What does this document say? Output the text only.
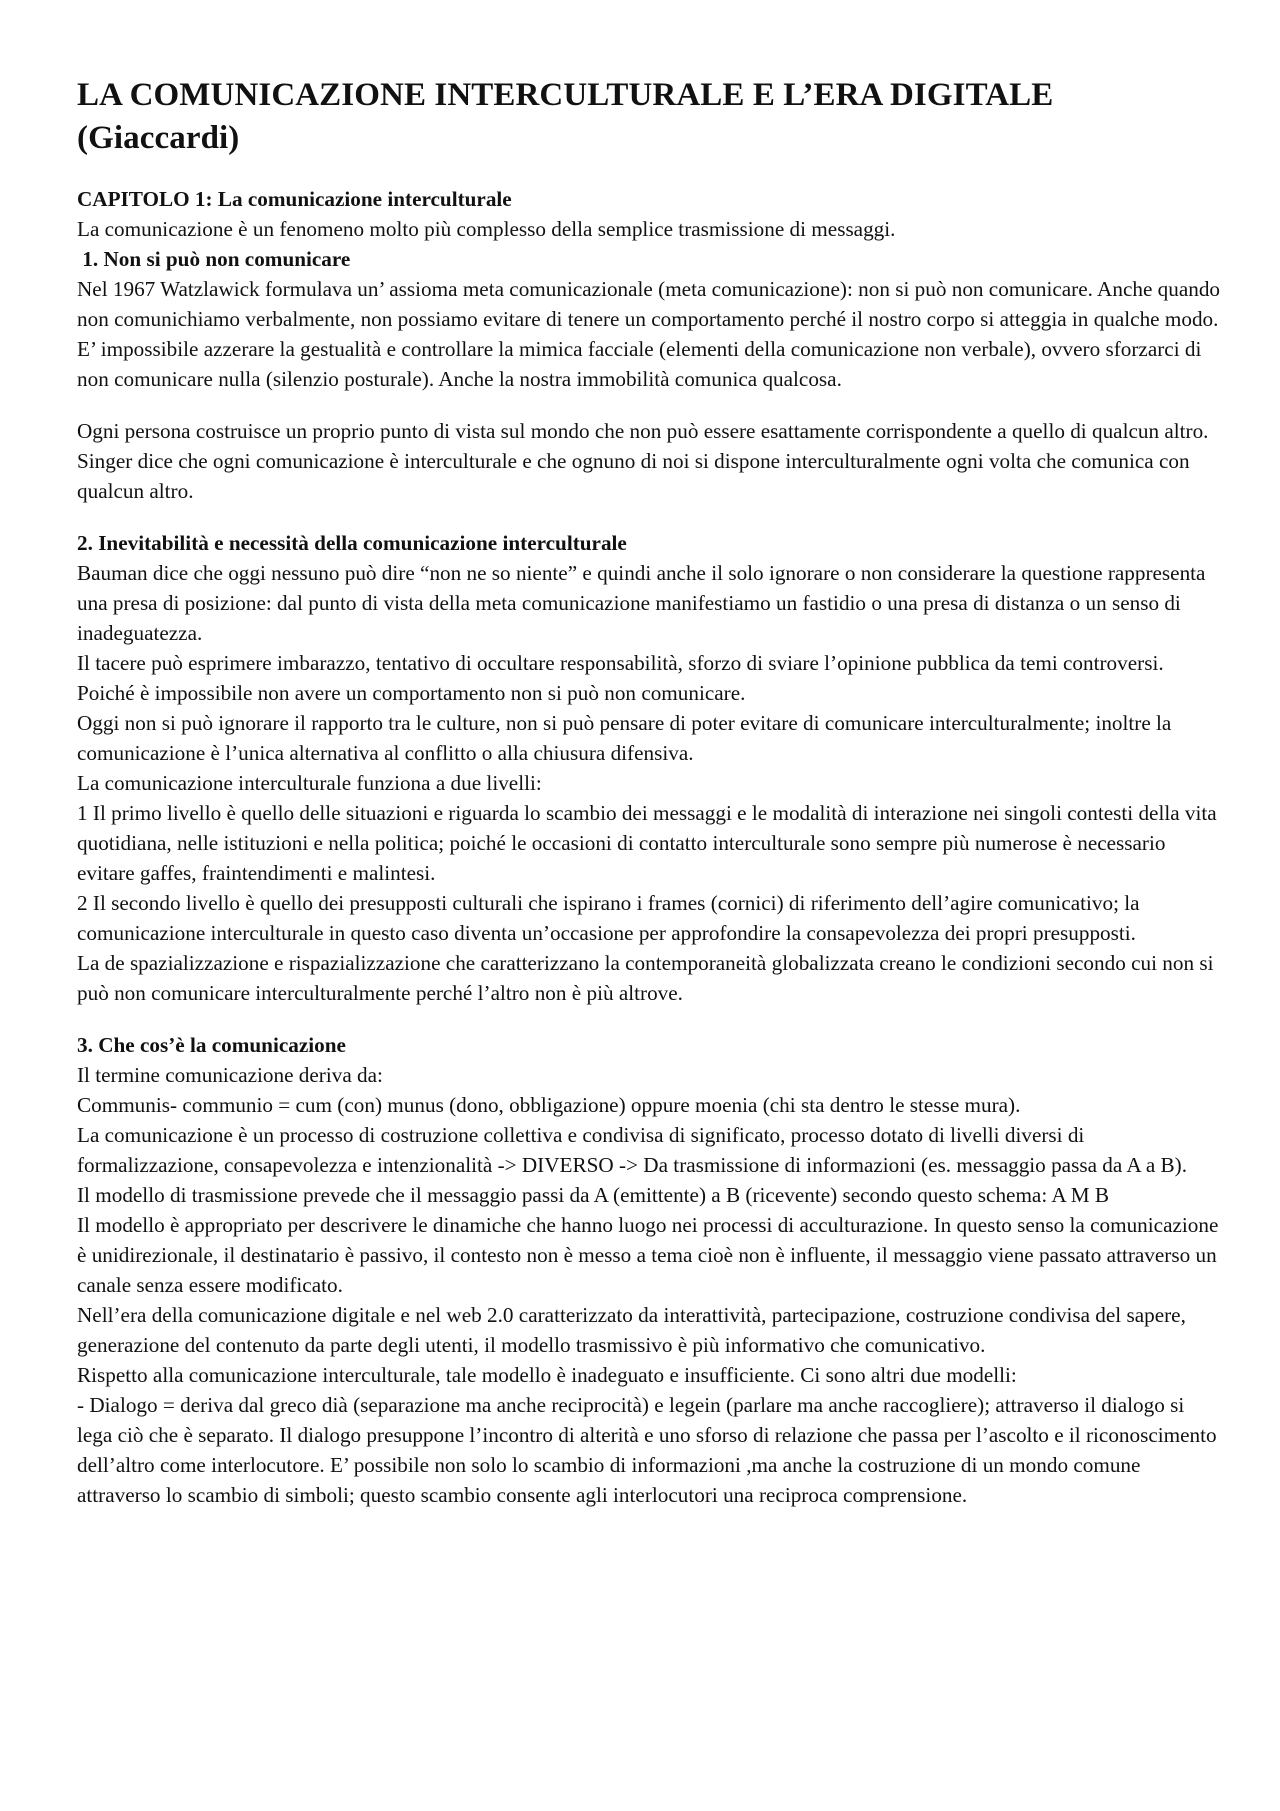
LA COMUNICAZIONE INTERCULTURALE E L’ERA DIGITALE (Giaccardi)

CAPITOLO 1: La comunicazione interculturale

La comunicazione è un fenomeno molto più complesso della semplice trasmissione di messaggi.

1. Non si può non comunicare

Nel 1967 Watzlawick formulava un’ assioma meta comunicazionale (meta comunicazione): non si può non comunicare. Anche quando non comunichiamo verbalmente, non possiamo evitare di tenere un comportamento perché il nostro corpo si atteggia in qualche modo. E’ impossibile azzerare la gestualità e controllare la mimica facciale (elementi della comunicazione non verbale), ovvero sforzarci di non comunicare nulla (silenzio posturale). Anche la nostra immobilità comunica qualcosa.

Ogni persona costruisce un proprio punto di vista sul mondo che non può essere esattamente corrispondente a quello di qualcun altro. Singer dice che ogni comunicazione è interculturale e che ognuno di noi si dispone interculturalmente ogni volta che comunica con qualcun altro.

2. Inevitabilità e necessità della comunicazione interculturale

Bauman dice che oggi nessuno può dire “non ne so niente” e quindi anche il solo ignorare o non considerare la questione rappresenta una presa di posizione: dal punto di vista della meta comunicazione manifestiamo un fastidio o una presa di distanza o un senso di inadeguatezza.

Il tacere può esprimere imbarazzo, tentativo di occultare responsabilità, sforzo di sviare l’opinione pubblica da temi controversi. Poiché è impossibile non avere un comportamento non si può non comunicare.

Oggi non si può ignorare il rapporto tra le culture, non si può pensare di poter evitare di comunicare interculturalmente; inoltre la comunicazione è l’unica alternativa al conflitto o alla chiusura difensiva.

La comunicazione interculturale funziona a due livelli:

1 Il primo livello è quello delle situazioni e riguarda lo scambio dei messaggi e le modalità di interazione nei singoli contesti della vita quotidiana, nelle istituzioni e nella politica; poiché le occasioni di contatto interculturale sono sempre più numerose è necessario evitare gaffes, fraintendimenti e malintesi.

2 Il secondo livello è quello dei presupposti culturali che ispirano i frames (cornici) di riferimento dell’agire comunicativo; la comunicazione interculturale in questo caso diventa un’occasione per approfondire la consapevolezza dei propri presupposti.

La de spazializzazione e rispazializzazione che caratterizzano la contemporaneità globalizzata creano le condizioni secondo cui non si può non comunicare interculturalmente perché l’altro non è più altrove.

3. Che cos’è la comunicazione

Il termine comunicazione deriva da:

Communis- communio = cum (con) munus (dono, obbligazione) oppure moenia (chi sta dentro le stesse mura).

La comunicazione è un processo di costruzione collettiva e condivisa di significato, processo dotato di livelli diversi di formalizzazione, consapevolezza e intenzionalità -> DIVERSO -> Da trasmissione di informazioni (es. messaggio passa da A a B).

Il modello di trasmissione prevede che il messaggio passi da A (emittente) a B (ricevente) secondo questo schema: A M B

Il modello è appropriato per descrivere le dinamiche che hanno luogo nei processi di acculturazione. In questo senso la comunicazione è unidirezionale, il destinatario è passivo, il contesto non è messo a tema cioè non è influente, il messaggio viene passato attraverso un canale senza essere modificato.

Nell’era della comunicazione digitale e nel web 2.0 caratterizzato da interattività, partecipazione, costruzione condivisa del sapere, generazione del contenuto da parte degli utenti, il modello trasmissivo è più informativo che comunicativo.

Rispetto alla comunicazione interculturale, tale modello è inadeguato e insufficiente. Ci sono altri due modelli:

- Dialogo = deriva dal greco dià (separazione ma anche reciprocità) e legein (parlare ma anche raccogliere); attraverso il dialogo si lega ciò che è separato. Il dialogo presuppone l’incontro di alterità e uno sforso di relazione che passa per l’ascolto e il riconoscimento dell’altro come interlocutore. E’ possibile non solo lo scambio di informazioni ,ma anche la costruzione di un mondo comune attraverso lo scambio di simboli; questo scambio consente agli interlocutori una reciproca comprensione.
